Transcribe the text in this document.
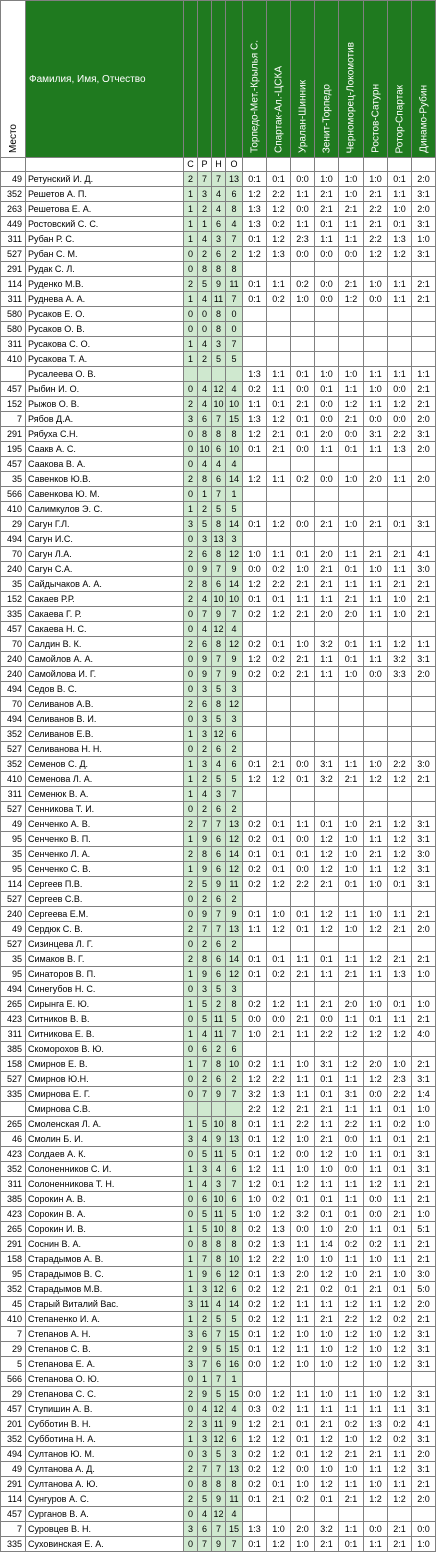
Место	Фамилия, Имя, Отчество					Торпедо-Мет.-Крылья С.	Спартак-Ал.-ЦСКА	Уралан-Шинник	Зенит-Торпедо	Черноморец-Локомотив	Ростов-Сатурн	Ротор-Спартак	Динамо-Рубин

		С	Р	Н	О								
49	Ретунский И. Д.	2	7	7	13	0:1	0:1	0:0	1:0	1:0	1:0	0:1	2:0
352	Решетов А. П.	1	3	4	6	1:2	2:2	1:1	2:1	1:0	2:1	1:1	3:1
263	Решетова Е. А.	1	2	4	8	1:3	1:2	0:0	2:1	2:1	2:2	1:0	2:0
449	Ростовский С. С.	1	1	6	4	1:3	0:2	1:1	0:1	1:1	2:1	0:1	3:1
311	Рубан Р. С.	1	4	3	7	0:1	1:2	2:3	1:1	1:1	2:2	1:3	1:0
527	Рубан С. М.	0	2	6	2	1:2	1:3	0:0	0:0	0:0	1:2	1:2	3:1
291	Рудак С. Л.	0	8	8	8								
114	Руденко М.В.	2	5	9	11	0:1	1:1	0:2	0:0	2:1	1:0	1:1	2:1
311	Руднева А. А.	1	4	11	7	0:1	0:2	1:0	0:0	1:2	0:0	1:1	2:1
580	Русаков Е. О.	0	0	8	0								
580	Русаков О. В.	0	0	8	0								
311	Русакова С. О.	1	4	3	7								
410	Русакова Т. А.	1	2	5	5								
	Русалеева О. В.					1:3	1:1	0:1	1:0	1:0	1:1	1:1	1:1
457	Рыбин И. О.	0	4	12	4	0:2	1:1	0:0	0:1	1:1	1:0	0:0	2:1
152	Рыжов О. В.	2	4	10	10	1:1	0:1	2:1	0:0	1:2	1:1	1:2	2:1
7	Рябов Д.А.	3	6	7	15	1:3	1:2	0:1	0:0	2:1	0:0	0:0	2:0
291	Рябуха С.Н.	0	8	8	8	1:2	2:1	0:1	2:0	0:0	3:1	2:2	3:1
195	Саакв А. С.	0	10	6	10	0:1	2:1	0:0	1:1	0:1	1:1	1:3	2:0
457	Саакова В. А.	0	4	4	4								
35	Савенков Ю.В.	2	8	6	14	1:2	1:1	0:2	0:0	1:0	2:0	1:1	2:0
566	Савенкова Ю. М.	0	1	7	1								
410	Салимкулов Э. С.	1	2	5	5								
29	Сагун Г.Л.	3	5	8	14	0:1	1:2	0:0	2:1	1:0	2:1	0:1	3:1
494	Сагун И.С.	0	3	13	3								
70	Сагун Л.А.	2	6	8	12	1:0	1:1	0:1	2:0	1:1	2:1	2:1	4:1
240	Сагун С.А.	0	9	7	9	0:0	0:2	1:0	2:1	0:1	1:0	1:1	3:0
35	Сайдычаков А. А.	2	8	6	14	1:2	2:2	2:1	2:1	1:1	1:1	2:1	2:1
152	Сакаев Р.Р.	2	4	10	10	0:1	0:1	1:1	1:1	2:1	1:1	1:0	2:1
335	Сакаева Г. Р.	0	7	9	7	0:2	1:2	2:1	2:0	2:0	1:1	1:0	2:1
457	Сакаева Н. С.	0	4	12	4								
70	Салдин В. К.	2	6	8	12	0:2	0:1	1:0	3:2	0:1	1:1	1:2	1:1
240	Самойлов А. А.	0	9	7	9	1:2	0:2	2:1	1:1	0:1	1:1	3:2	3:1
240	Самойлова И. Г.	0	9	7	9	0:2	0:2	2:1	1:1	1:0	0:0	3:3	2:0
494	Седов В. С.	0	3	5	3								
70	Селиванов А.В.	2	6	8	12								
494	Селиванов В. И.	0	3	5	3								
352	Селиванов Е.В.	1	3	12	6								
527	Селиванова Н. Н.	0	2	6	2								
352	Семенов С. Д.	1	3	4	6	0:1	2:1	0:0	3:1	1:1	1:0	2:2	3:0
410	Семенова Л. А.	1	2	5	5	1:2	1:2	0:1	3:2	2:1	1:2	1:2	2:1
311	Семенюк В. А.	1	4	3	7								
527	Сенникова Т. И.	0	2	6	2								
49	Сенченко А. В.	2	7	7	13	0:2	0:1	1:1	0:1	1:0	2:1	1:2	3:1
95	Сенченко В. П.	1	9	6	12	0:2	0:1	0:0	1:2	1:0	1:1	1:2	3:1
35	Сенченко Л. А.	2	8	6	14	0:1	0:1	0:1	1:2	1:0	2:1	1:2	3:0
95	Сенченко С. В.	1	9	6	12	0:2	0:1	0:0	1:2	1:0	1:1	1:2	3:1
114	Сергеев П.В.	2	5	9	11	0:2	1:2	2:2	2:1	0:1	1:0	0:1	3:1
527	Сергеев С.В.	0	2	6	2								
240	Сергеева Е.М.	0	9	7	9	0:1	1:0	0:1	1:2	1:1	1:0	1:1	2:1
49	Сердюк С. В.	2	7	7	13	1:1	1:2	0:1	1:2	1:0	1:2	2:1	2:0
527	Сизинцева Л. Г.	0	2	6	2								
35	Симаков В. Г.	2	8	6	14	0:1	0:1	1:1	0:1	1:1	1:2	2:1	2:1
95	Синаторов В. П.	1	9	6	12	0:1	0:2	2:1	1:1	2:1	1:1	1:3	1:0
494	Синегубов Н. С.	0	3	5	3								
265	Сирынга Е. Ю.	1	5	2	8	0:2	1:2	1:1	2:1	2:0	1:0	0:1	1:0
423	Ситников В. В.	0	5	11	5	0:0	0:0	2:1	0:0	1:1	0:1	1:1	2:1
311	Ситникова Е. В.	1	4	11	7	1:0	2:1	1:1	2:2	1:2	1:2	1:2	4:0
385	Скоморохов В. Ю.	0	6	2	6								
158	Смирнов Е. В.	1	7	8	10	0:2	1:1	1:0	3:1	1:2	2:0	1:0	2:1
527	Смирнов Ю.Н.	0	2	6	2	1:2	2:2	1:1	0:1	1:1	1:2	2:3	3:1
335	Смирнова Е. Г.	0	7	9	7	3:2	1:3	1:1	0:1	3:1	0:0	2:2	1:4
	Смирнова С.В.					2:2	1:2	2:1	2:1	1:1	1:1	0:1	1:0
265	Смоленская Л. А.	1	5	10	8	0:1	1:1	2:2	1:1	2:2	1:1	0:2	1:0
46	Смолин Б. И.	3	4	9	13	0:1	1:2	1:0	2:1	0:0	1:1	0:1	2:1
423	Солдаев А. К.	0	5	11	5	0:1	1:2	0:0	1:2	1:0	1:1	0:1	3:1
352	Солоненников С. И.	1	3	4	6	1:2	1:1	1:0	1:0	0:0	1:1	0:1	3:1
311	Солоненникова Т. Н.	1	4	3	7	1:2	0:1	1:2	1:1	1:1	1:2	1:1	2:1
385	Сорокин А. В.	0	6	10	6	1:0	0:2	0:1	0:1	1:1	0:0	1:1	2:1
423	Сорокин В. А.	0	5	11	5	1:0	1:2	3:2	0:1	0:1	0:0	2:1	1:0
265	Сорокин И. В.	1	5	10	8	0:2	1:3	0:0	1:0	2:0	1:1	0:1	5:1
291	Соснин В. А.	0	8	8	8	0:2	1:3	1:1	1:4	0:2	0:2	1:1	2:1
158	Старадымов А. В.	1	7	8	10	1:2	2:2	1:0	1:0	1:1	1:0	1:1	2:1
95	Старадымов В. С.	1	9	6	12	0:1	1:3	2:0	1:2	1:0	2:1	1:0	3:0
352	Старадымов М.В.	1	3	12	6	0:2	1:2	2:1	0:2	0:1	2:1	0:1	5:0
45	Старый Виталий Вас.	3	11	4	14	0:2	1:2	1:1	1:1	1:2	1:1	1:2	2:0
410	Степаненко И. А.	1	2	5	5	0:2	1:2	1:1	2:1	2:2	1:2	0:2	2:1
7	Степанов А. Н.	3	6	7	15	0:1	1:2	1:0	1:0	1:2	1:0	1:2	3:1
29	Степанов С. В.	2	9	5	15	0:1	1:2	1:1	1:0	1:2	1:0	1:2	3:1
5	Степанова Е. А.	3	7	6	16	0:0	1:2	1:0	1:0	1:2	1:0	1:2	3:1
566	Степанова О. Ю.	0	1	7	1								
29	Степанова С. С.	2	9	5	15	0:0	1:2	1:1	1:0	1:1	1:0	1:2	3:1
457	Ступишин А. В.	0	4	12	4	0:3	0:2	1:1	1:1	1:1	1:1	1:1	3:1
201	Субботин В. Н.	2	3	11	9	1:2	2:1	0:1	2:1	0:2	1:3	0:2	4:1
352	Субботина Н. А.	1	3	12	6	1:2	1:2	0:1	1:2	1:0	1:2	0:2	3:1
494	Султанов Ю. М.	0	3	5	3	0:2	1:2	0:1	1:2	2:1	2:1	1:1	2:0
49	Султанова А. Д.	2	7	7	13	0:2	1:2	0:0	1:0	1:0	1:1	1:2	3:1
291	Султанова А. Ю.	0	8	8	8	0:2	0:1	1:0	1:2	1:1	1:0	1:1	2:1
114	Сунгуров А. С.	2	5	9	11	0:1	2:1	0:2	0:1	2:1	1:2	1:2	2:0
457	Сурганов В. А.	0	4	12	4								
7	Суровцев В. Н.	3	6	7	15	1:3	1:0	2:0	3:2	1:1	0:0	2:1	0:0
335	Суховинская Е. А.	0	7	9	7	0:1	1:2	1:0	2:1	0:1	1:1	2:1	1:0
